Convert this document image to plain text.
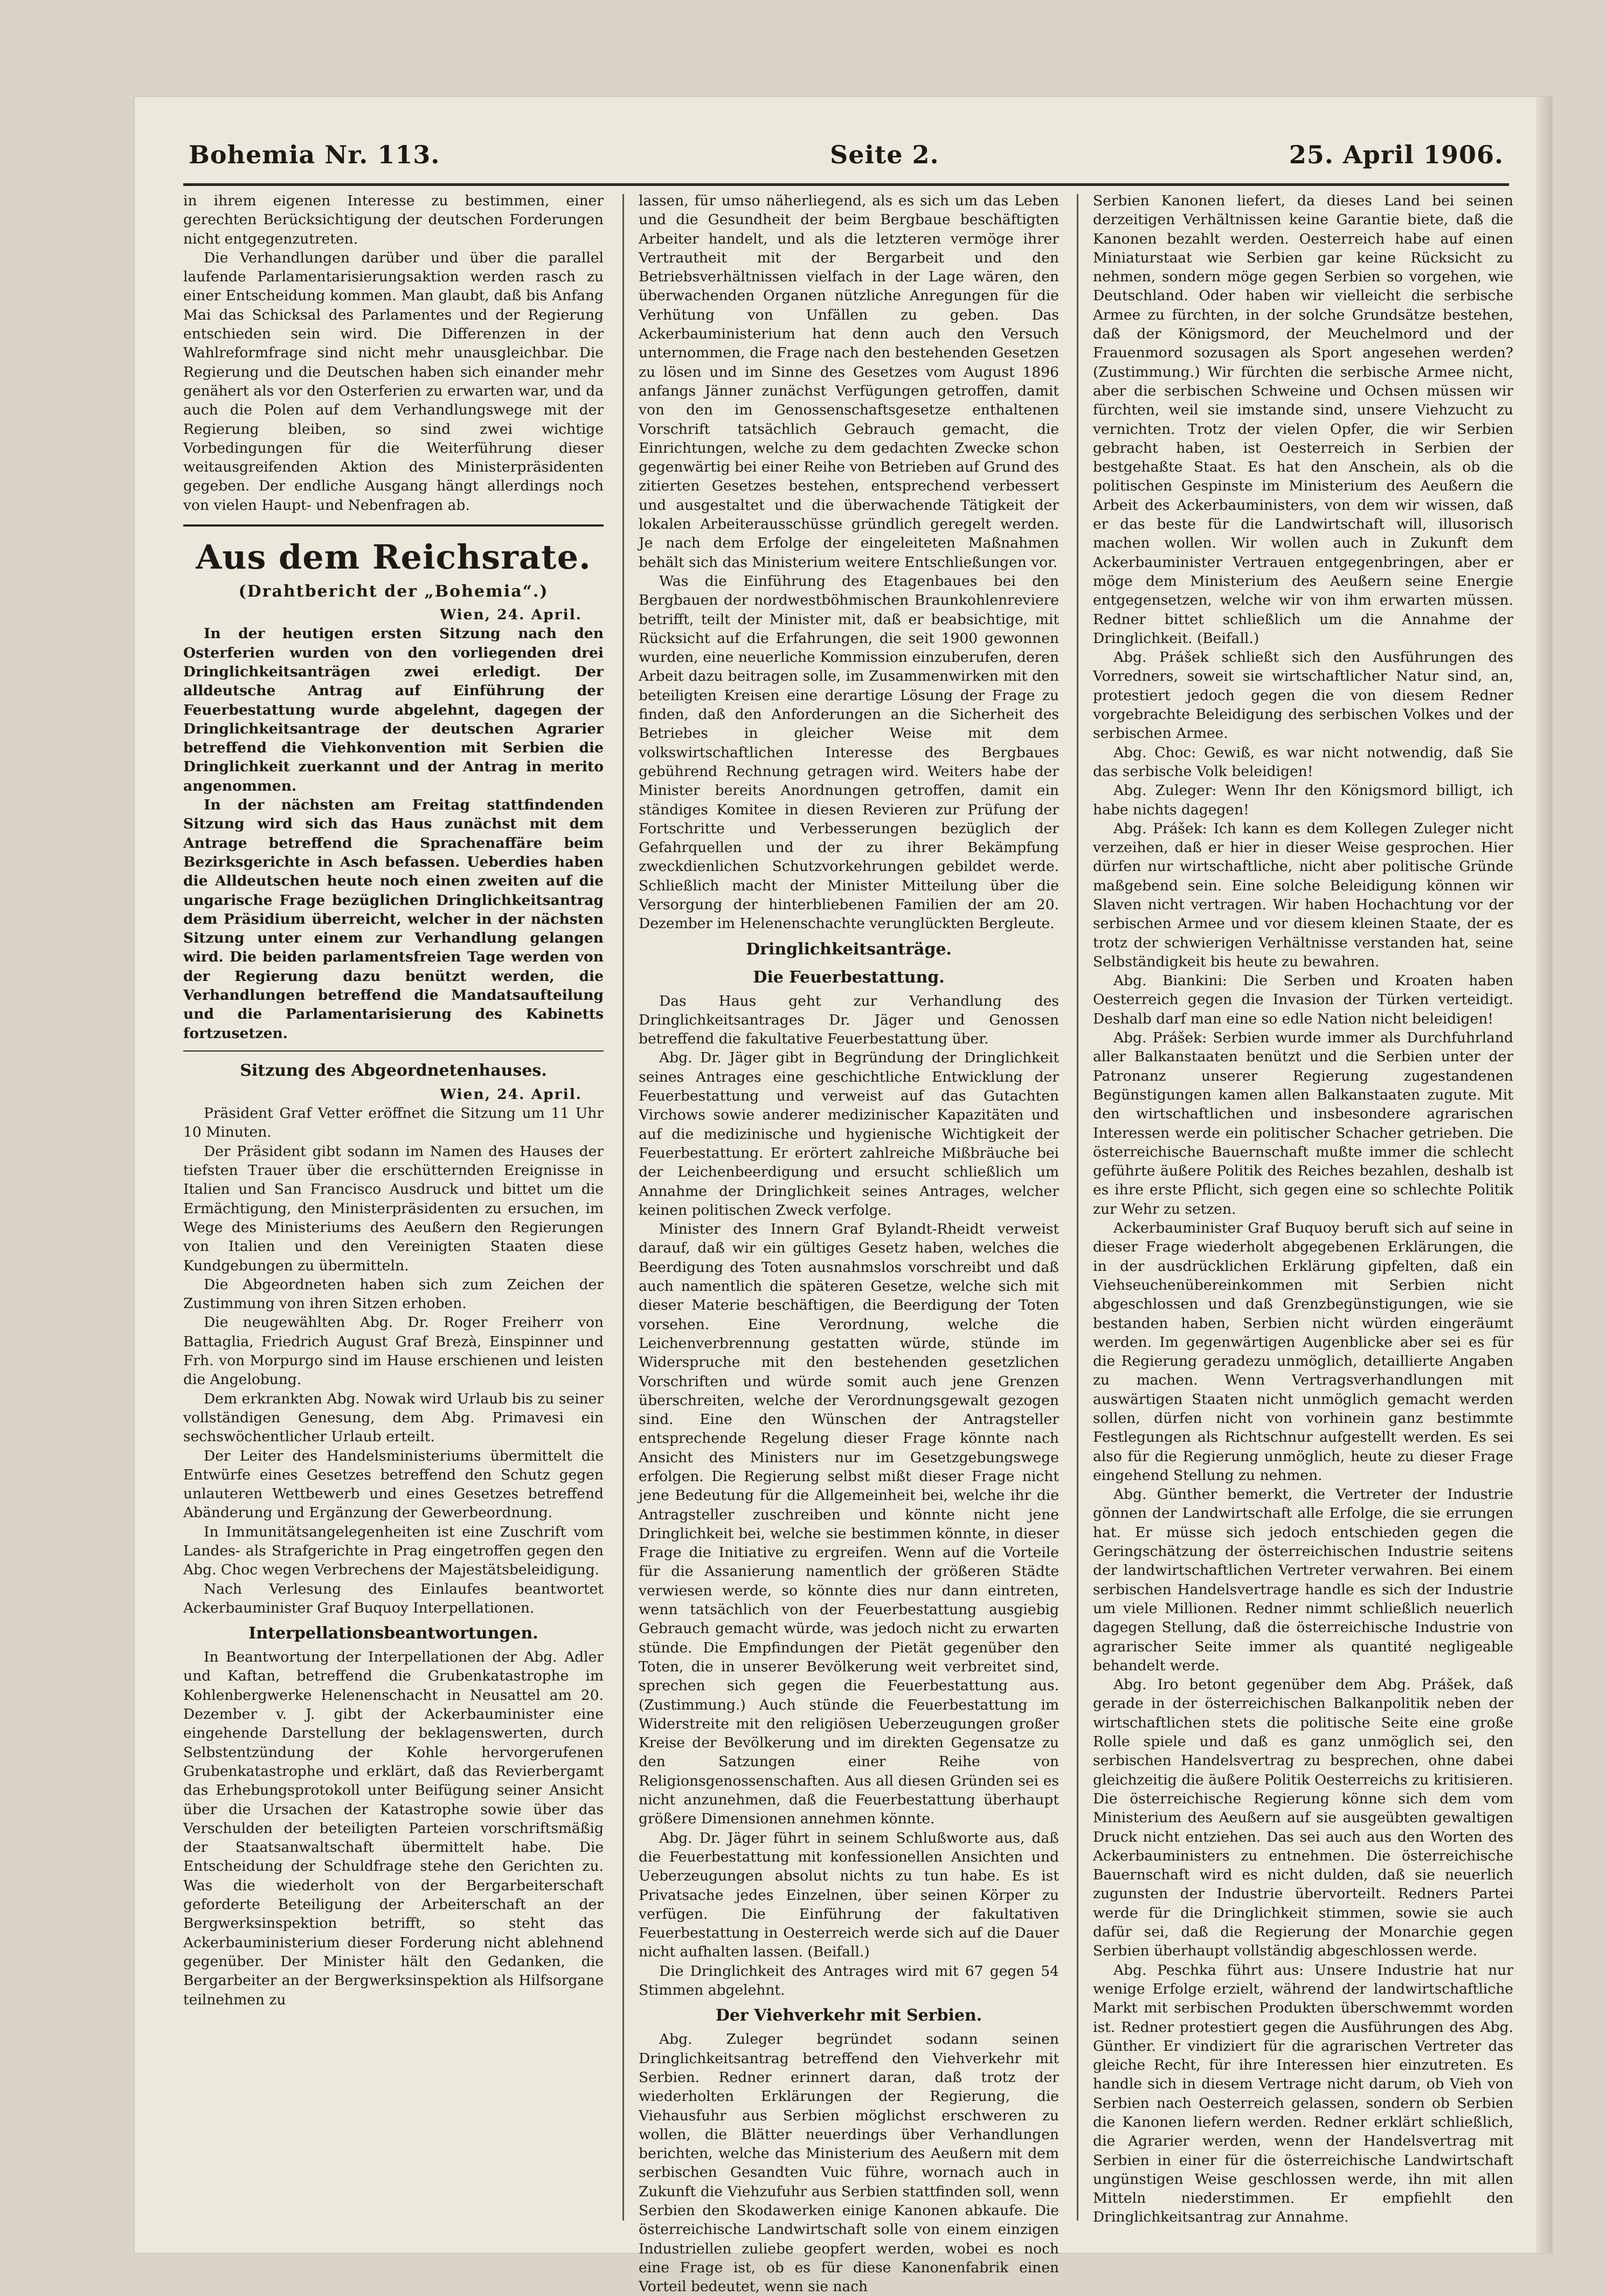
Bohemia Nr. 113.	Seite 2.	25. April 1906.

in ihrem eigenen Interesse zu bestimmen, einer gerechten Berücksichtigung der deutschen Forderungen nicht entgegenzutreten.

Die Verhandlungen darüber und über die parallel laufende Parlamentarisierungsaktion werden rasch zu einer Entscheidung kommen. Man glaubt, daß bis Anfang Mai das Schicksal des Parlamentes und der Regierung entschieden sein wird. Die Differenzen in der Wahlreformfrage sind nicht mehr unausgleichbar. Die Regierung und die Deutschen haben sich einander mehr genähert als vor den Osterferien zu erwarten war, und da auch die Polen auf dem Verhandlungswege mit der Regierung bleiben, so sind zwei wichtige Vorbedingungen für die Weiterführung dieser weitausgreifenden Aktion des Ministerpräsidenten gegeben. Der endliche Ausgang hängt allerdings noch von vielen Haupt- und Nebenfragen ab.

Aus dem Reichsrate.
(Drahtbericht der „Bohemia“.)

Wien, 24. April.

In der heutigen ersten Sitzung nach den Osterferien wurden von den vorliegenden drei Dringlichkeitsanträgen zwei erledigt. Der alldeutsche Antrag auf Einführung der Feuerbestattung wurde abgelehnt, dagegen der Dringlichkeitsantrage der deutschen Agrarier betreffend die Viehkonvention mit Serbien die Dringlichkeit zuerkannt und der Antrag in merito angenommen.

In der nächsten am Freitag stattfindenden Sitzung wird sich das Haus zunächst mit dem Antrage betreffend die Sprachenaffäre beim Bezirksgerichte in Asch befassen. Ueberdies haben die Alldeutschen heute noch einen zweiten auf die ungarische Frage bezüglichen Dringlichkeitsantrag dem Präsidium überreicht, welcher in der nächsten Sitzung unter einem zur Verhandlung gelangen wird. Die beiden parlamentsfreien Tage werden von der Regierung dazu benützt werden, die Verhandlungen betreffend die Mandatsaufteilung und die Parlamentarisierung des Kabinetts fortzusetzen.

Sitzung des Abgeordnetenhauses.

Wien, 24. April.

Präsident Graf Vetter eröffnet die Sitzung um 11 Uhr 10 Minuten.

Der Präsident gibt sodann im Namen des Hauses der tiefsten Trauer über die erschütternden Ereignisse in Italien und San Francisco Ausdruck und bittet um die Ermächtigung, den Ministerpräsidenten zu ersuchen, im Wege des Ministeriums des Aeußern den Regierungen von Italien und den Vereinigten Staaten diese Kundgebungen zu übermitteln.

Die Abgeordneten haben sich zum Zeichen der Zustimmung von ihren Sitzen erhoben.

Die neugewählten Abg. Dr. Roger Freiherr von Battaglia, Friedrich August Graf Brezà, Einspinner und Frh. von Morpurgo sind im Hause erschienen und leisten die Angelobung.

Dem erkrankten Abg. Nowak wird Urlaub bis zu seiner vollständigen Genesung, dem Abg. Primavesi ein sechswöchentlicher Urlaub erteilt.

Der Leiter des Handelsministeriums übermittelt die Entwürfe eines Gesetzes betreffend den Schutz gegen unlauteren Wettbewerb und eines Gesetzes betreffend Abänderung und Ergänzung der Gewerbeordnung.

In Immunitätsangelegenheiten ist eine Zuschrift vom Landes- als Strafgerichte in Prag eingetroffen gegen den Abg. Choc wegen Verbrechens der Majestätsbeleidigung.

Nach Verlesung des Einlaufes beantwortet Ackerbauminister Graf Buquoy Interpellationen.

Interpellationsbeantwortungen.

In Beantwortung der Interpellationen der Abg. Adler und Kaftan, betreffend die Grubenkatastrophe im Kohlenbergwerke Helenenschacht in Neusattel am 20. Dezember v. J. gibt der Ackerbauminister eine eingehende Darstellung der beklagenswerten, durch Selbstentzündung der Kohle hervorgerufenen Grubenkatastrophe und erklärt, daß das Revierbergamt das Erhebungsprotokoll unter Beifügung seiner Ansicht über die Ursachen der Katastrophe sowie über das Verschulden der beteiligten Parteien vorschriftsmäßig der Staatsanwaltschaft übermittelt habe. Die Entscheidung der Schuldfrage stehe den Gerichten zu. Was die wiederholt von der Bergarbeiterschaft geforderte Beteiligung der Arbeiterschaft an der Bergwerksinspektion betrifft, so steht das Ackerbauministerium dieser Forderung nicht ablehnend gegenüber. Der Minister hält den Gedanken, die Bergarbeiter an der Bergwerksinspektion als Hilfsorgane teilnehmen zu

lassen, für umso näherliegend, als es sich um das Leben und die Gesundheit der beim Bergbaue beschäftigten Arbeiter handelt, und als die letzteren vermöge ihrer Vertrautheit mit der Bergarbeit und den Betriebsverhältnissen vielfach in der Lage wären, den überwachenden Organen nützliche Anregungen für die Verhütung von Unfällen zu geben. Das Ackerbauministerium hat denn auch den Versuch unternommen, die Frage nach den bestehenden Gesetzen zu lösen und im Sinne des Gesetzes vom August 1896 anfangs Jänner zunächst Verfügungen getroffen, damit von den im Genossenschaftsgesetze enthaltenen Vorschrift tatsächlich Gebrauch gemacht, die Einrichtungen, welche zu dem gedachten Zwecke schon gegenwärtig bei einer Reihe von Betrieben auf Grund des zitierten Gesetzes bestehen, entsprechend verbessert und ausgestaltet und die überwachende Tätigkeit der lokalen Arbeiterausschüsse gründlich geregelt werden. Je nach dem Erfolge der eingeleiteten Maßnahmen behält sich das Ministerium weitere Entschließungen vor.

Was die Einführung des Etagenbaues bei den Bergbauen der nordwestböhmischen Braunkohlenreviere betrifft, teilt der Minister mit, daß er beabsichtige, mit Rücksicht auf die Erfahrungen, die seit 1900 gewonnen wurden, eine neuerliche Kommission einzuberufen, deren Arbeit dazu beitragen solle, im Zusammenwirken mit den beteiligten Kreisen eine derartige Lösung der Frage zu finden, daß den Anforderungen an die Sicherheit des Betriebes in gleicher Weise mit dem volkswirtschaftlichen Interesse des Bergbaues gebührend Rechnung getragen wird. Weiters habe der Minister bereits Anordnungen getroffen, damit ein ständiges Komitee in diesen Revieren zur Prüfung der Fortschritte und Verbesserungen bezüglich der Gefahrquellen und der zu ihrer Bekämpfung zweckdienlichen Schutzvorkehrungen gebildet werde. Schließlich macht der Minister Mitteilung über die Versorgung der hinterbliebenen Familien der am 20. Dezember im Helenenschachte verunglückten Bergleute.

Dringlichkeitsanträge.
Die Feuerbestattung.

Das Haus geht zur Verhandlung des Dringlichkeitsantrages Dr. Jäger und Genossen betreffend die fakultative Feuerbestattung über.

Abg. Dr. Jäger gibt in Begründung der Dringlichkeit seines Antrages eine geschichtliche Entwicklung der Feuerbestattung und verweist auf das Gutachten Virchows sowie anderer medizinischer Kapazitäten und auf die medizinische und hygienische Wichtigkeit der Feuerbestattung. Er erörtert zahlreiche Mißbräuche bei der Leichenbeerdigung und ersucht schließlich um Annahme der Dringlichkeit seines Antrages, welcher keinen politischen Zweck verfolge.

Minister des Innern Graf Bylandt-Rheidt verweist darauf, daß wir ein gültiges Gesetz haben, welches die Beerdigung des Toten ausnahmslos vorschreibt und daß auch namentlich die späteren Gesetze, welche sich mit dieser Materie beschäftigen, die Beerdigung der Toten vorsehen. Eine Verordnung, welche die Leichenverbrennung gestatten würde, stünde im Widerspruche mit den bestehenden gesetzlichen Vorschriften und würde somit auch jene Grenzen überschreiten, welche der Verordnungsgewalt gezogen sind. Eine den Wünschen der Antragsteller entsprechende Regelung dieser Frage könnte nach Ansicht des Ministers nur im Gesetzgebungswege erfolgen. Die Regierung selbst mißt dieser Frage nicht jene Bedeutung für die Allgemeinheit bei, welche ihr die Antragsteller zuschreiben und könnte nicht jene Dringlichkeit bei, welche sie bestimmen könnte, in dieser Frage die Initiative zu ergreifen. Wenn auf die Vorteile für die Assanierung namentlich der größeren Städte verwiesen werde, so könnte dies nur dann eintreten, wenn tatsächlich von der Feuerbestattung ausgiebig Gebrauch gemacht würde, was jedoch nicht zu erwarten stünde. Die Empfindungen der Pietät gegenüber den Toten, die in unserer Bevölkerung weit verbreitet sind, sprechen sich gegen die Feuerbestattung aus. (Zustimmung.) Auch stünde die Feuerbestattung im Widerstreite mit den religiösen Ueberzeugungen großer Kreise der Bevölkerung und im direkten Gegensatze zu den Satzungen einer Reihe von Religionsgenossenschaften. Aus all diesen Gründen sei es nicht anzunehmen, daß die Feuerbestattung überhaupt größere Dimensionen annehmen könnte.

Abg. Dr. Jäger führt in seinem Schlußworte aus, daß die Feuerbestattung mit konfessionellen Ansichten und Ueberzeugungen absolut nichts zu tun habe. Es ist Privatsache jedes Einzelnen, über seinen Körper zu verfügen. Die Einführung der fakultativen Feuerbestattung in Oesterreich werde sich auf die Dauer nicht aufhalten lassen. (Beifall.)

Die Dringlichkeit des Antrages wird mit 67 gegen 54 Stimmen abgelehnt.

Der Viehverkehr mit Serbien.

Abg. Zuleger begründet sodann seinen Dringlichkeitsantrag betreffend den Viehverkehr mit Serbien. Redner erinnert daran, daß trotz der wiederholten Erklärungen der Regierung, die Viehausfuhr aus Serbien möglichst erschweren zu wollen, die Blätter neuerdings über Verhandlungen berichten, welche das Ministerium des Aeußern mit dem serbischen Gesandten Vuic führe, wornach auch in Zukunft die Viehzufuhr aus Serbien stattfinden soll, wenn Serbien den Skodawerken einige Kanonen abkaufe. Die österreichische Landwirtschaft solle von einem einzigen Industriellen zuliebe geopfert werden, wobei es noch eine Frage ist, ob es für diese Kanonenfabrik einen Vorteil bedeutet, wenn sie nach

Serbien Kanonen liefert, da dieses Land bei seinen derzeitigen Verhältnissen keine Garantie biete, daß die Kanonen bezahlt werden. Oesterreich habe auf einen Miniaturstaat wie Serbien gar keine Rücksicht zu nehmen, sondern möge gegen Serbien so vorgehen, wie Deutschland. Oder haben wir vielleicht die serbische Armee zu fürchten, in der solche Grundsätze bestehen, daß der Königsmord, der Meuchelmord und der Frauenmord sozusagen als Sport angesehen werden? (Zustimmung.) Wir fürchten die serbische Armee nicht, aber die serbischen Schweine und Ochsen müssen wir fürchten, weil sie imstande sind, unsere Viehzucht zu vernichten. Trotz der vielen Opfer, die wir Serbien gebracht haben, ist Oesterreich in Serbien der bestgehaßte Staat. Es hat den Anschein, als ob die politischen Gespinste im Ministerium des Aeußern die Arbeit des Ackerbauministers, von dem wir wissen, daß er das beste für die Landwirtschaft will, illusorisch machen wollen. Wir wollen auch in Zukunft dem Ackerbauminister Vertrauen entgegenbringen, aber er möge dem Ministerium des Aeußern seine Energie entgegensetzen, welche wir von ihm erwarten müssen. Redner bittet schließlich um die Annahme der Dringlichkeit. (Beifall.)

Abg. Prášek schließt sich den Ausführungen des Vorredners, soweit sie wirtschaftlicher Natur sind, an, protestiert jedoch gegen die von diesem Redner vorgebrachte Beleidigung des serbischen Volkes und der serbischen Armee.

Abg. Choc: Gewiß, es war nicht notwendig, daß Sie das serbische Volk beleidigen!

Abg. Zuleger: Wenn Ihr den Königsmord billigt, ich habe nichts dagegen!

Abg. Prášek: Ich kann es dem Kollegen Zuleger nicht verzeihen, daß er hier in dieser Weise gesprochen. Hier dürfen nur wirtschaftliche, nicht aber politische Gründe maßgebend sein. Eine solche Beleidigung können wir Slaven nicht vertragen. Wir haben Hochachtung vor der serbischen Armee und vor diesem kleinen Staate, der es trotz der schwierigen Verhältnisse verstanden hat, seine Selbständigkeit bis heute zu bewahren.

Abg. Biankini: Die Serben und Kroaten haben Oesterreich gegen die Invasion der Türken verteidigt. Deshalb darf man eine so edle Nation nicht beleidigen!

Abg. Prášek: Serbien wurde immer als Durchfuhrland aller Balkanstaaten benützt und die Serbien unter der Patronanz unserer Regierung zugestandenen Begünstigungen kamen allen Balkanstaaten zugute. Mit den wirtschaftlichen und insbesondere agrarischen Interessen werde ein politischer Schacher getrieben. Die österreichische Bauernschaft mußte immer die schlecht geführte äußere Politik des Reiches bezahlen, deshalb ist es ihre erste Pflicht, sich gegen eine so schlechte Politik zur Wehr zu setzen.

Ackerbauminister Graf Buquoy beruft sich auf seine in dieser Frage wiederholt abgegebenen Erklärungen, die in der ausdrücklichen Erklärung gipfelten, daß ein Viehseuchenübereinkommen mit Serbien nicht abgeschlossen und daß Grenzbegünstigungen, wie sie bestanden haben, Serbien nicht würden eingeräumt werden. Im gegenwärtigen Augenblicke aber sei es für die Regierung geradezu unmöglich, detaillierte Angaben zu machen. Wenn Vertragsverhandlungen mit auswärtigen Staaten nicht unmöglich gemacht werden sollen, dürfen nicht von vorhinein ganz bestimmte Festlegungen als Richtschnur aufgestellt werden. Es sei also für die Regierung unmöglich, heute zu dieser Frage eingehend Stellung zu nehmen.

Abg. Günther bemerkt, die Vertreter der Industrie gönnen der Landwirtschaft alle Erfolge, die sie errungen hat. Er müsse sich jedoch entschieden gegen die Geringschätzung der österreichischen Industrie seitens der landwirtschaftlichen Vertreter verwahren. Bei einem serbischen Handelsvertrage handle es sich der Industrie um viele Millionen. Redner nimmt schließlich neuerlich dagegen Stellung, daß die österreichische Industrie von agrarischer Seite immer als quantité negligeable behandelt werde.

Abg. Iro betont gegenüber dem Abg. Prášek, daß gerade in der österreichischen Balkanpolitik neben der wirtschaftlichen stets die politische Seite eine große Rolle spiele und daß es ganz unmöglich sei, den serbischen Handelsvertrag zu besprechen, ohne dabei gleichzeitig die äußere Politik Oesterreichs zu kritisieren. Die österreichische Regierung könne sich dem vom Ministerium des Aeußern auf sie ausgeübten gewaltigen Druck nicht entziehen. Das sei auch aus den Worten des Ackerbauministers zu entnehmen. Die österreichische Bauernschaft wird es nicht dulden, daß sie neuerlich zugunsten der Industrie übervorteilt. Redners Partei werde für die Dringlichkeit stimmen, sowie sie auch dafür sei, daß die Regierung der Monarchie gegen Serbien überhaupt vollständig abgeschlossen werde.

Abg. Peschka führt aus: Unsere Industrie hat nur wenige Erfolge erzielt, während der landwirtschaftliche Markt mit serbischen Produkten überschwemmt worden ist. Redner protestiert gegen die Ausführungen des Abg. Günther. Er vindiziert für die agrarischen Vertreter das gleiche Recht, für ihre Interessen hier einzutreten. Es handle sich in diesem Vertrage nicht darum, ob Vieh von Serbien nach Oesterreich gelassen, sondern ob Serbien die Kanonen liefern werden. Redner erklärt schließlich, die Agrarier werden, wenn der Handelsvertrag mit Serbien in einer für die österreichische Landwirtschaft ungünstigen Weise geschlossen werde, ihn mit allen Mitteln niederstimmen. Er empfiehlt den Dringlichkeitsantrag zur Annahme.
